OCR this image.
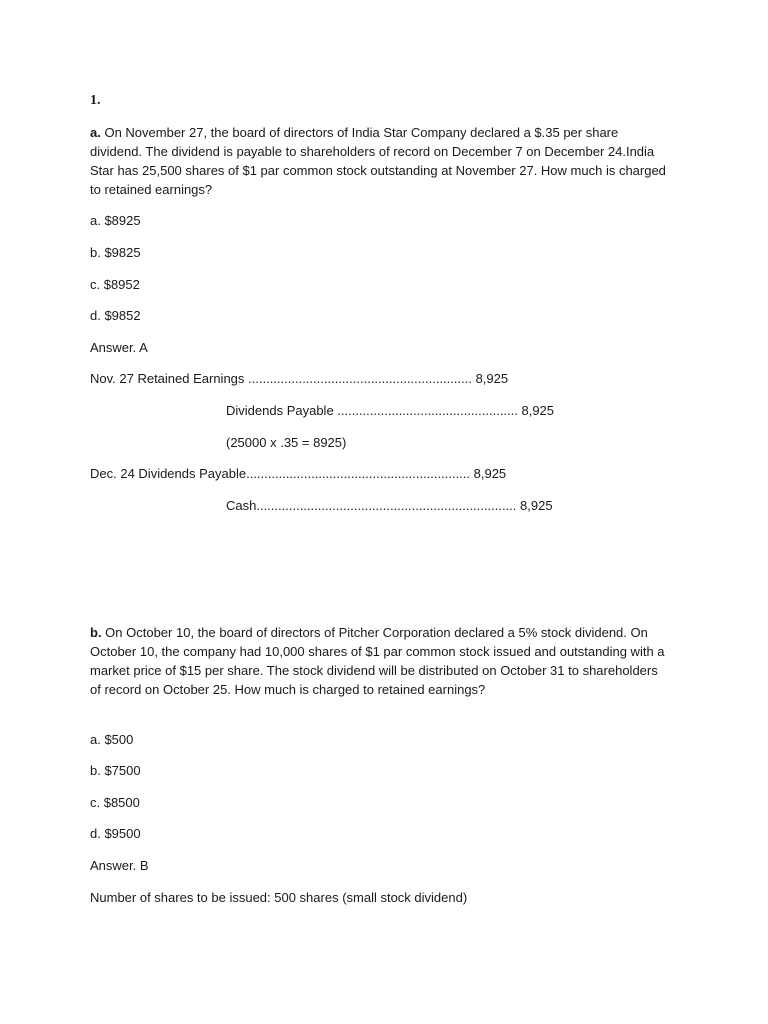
1.
a. On November 27, the board of directors of India Star Company declared a $.35 per share dividend. The dividend is payable to shareholders of record on December 7 on December 24.India Star has 25,500 shares of $1 par common stock outstanding at November 27. How much is charged to retained earnings?
a. $8925
b. $9825
c. $8952
d. $9852
Answer. A
Nov. 27 Retained Earnings .............................................................. 8,925
Dividends Payable .................................................. 8,925
(25000 x .35 = 8925)
Dec. 24 Dividends Payable.............................................................. 8,925
Cash........................................................................ 8,925
b. On October 10, the board of directors of Pitcher Corporation declared a 5% stock dividend. On October 10, the company had 10,000 shares of $1 par common stock issued and outstanding with a market price of $15 per share. The stock dividend will be distributed on October 31 to shareholders of record on October 25. How much is charged to retained earnings?
a. $500
b. $7500
c. $8500
d. $9500
Answer. B
Number of shares to be issued: 500 shares (small stock dividend)
